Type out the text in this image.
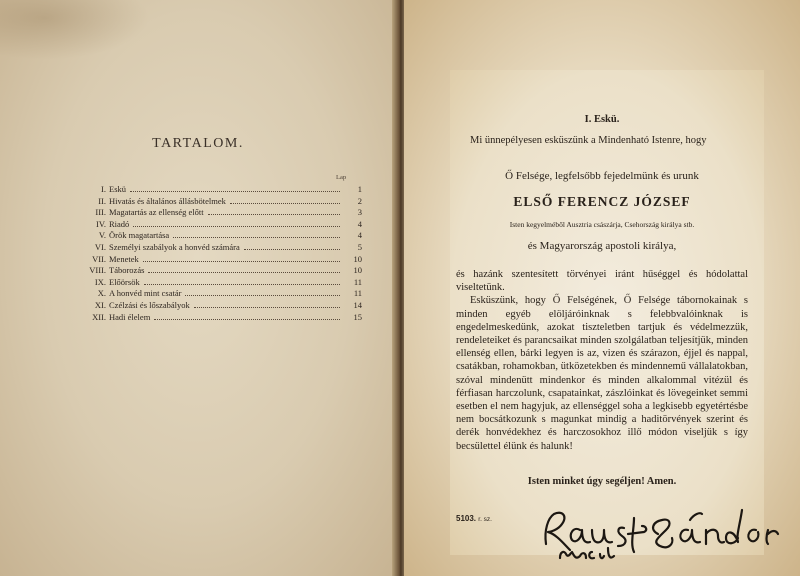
TARTALOM.
Lap
I. Eskü	1
II. Hivatás és általános állásbötelmek	2
III. Magatartás az ellenség előtt	3
IV. Riadó	4
V. Örök magatartása	4
VI. Személyi szabályok a honvéd számára	5
VII. Menetek	10
VIII. Táborozás	10
IX. Előörsök	11
X. A honvéd mint csatár	11
XI. Czélzási és lőszabályok	14
XII. Hadi élelem	15
I. Eskü.
Mi ünnepélyesen esküszünk a Mindenható Istenre, hogy
Ő Felsége, legfelsőbb fejedelmünk és urunk
ELSŐ FERENCZ JÓZSEF
Isten kegyelméből Ausztria császárja, Csehország királya stb.
és Magyarország apostoli királya,

és hazánk szentesített törvényei iránt hűséggel és hódolattal viseltetünk.

Esküszünk, hogy Ő Felségének, Ő Felsége tábornokainak s minden egyéb elöljáróinknak s felebbvalóinknak is engedelmeskedünk, azokat tiszteletben tartjuk és védelmezzük, rendeleteiket és parancsaikat minden szolgálatban teljesítjük, minden ellenség ellen, bárki legyen is az, vizen és szárazon, éjjel és nappal, csatákban, rohamokban, ütközetekben és mindennemű vállalatokban, szóval mindenütt mindenkor és minden alkalommal vitézül és férfiasan harczolunk, csapatainkat, zászlóinkat és lövegeinket semmi esetben el nem hagyjuk, az ellenséggel soha a legkisebb egyetértésbe nem bocsátkozunk s magunkat mindig a haditörvények szerint és derék honvédekhez és harczosokhoz illő módon viseljük s így becsülettel élünk és halunk!

Isten minket úgy segéljen! Amen.
5103. r. sz.
